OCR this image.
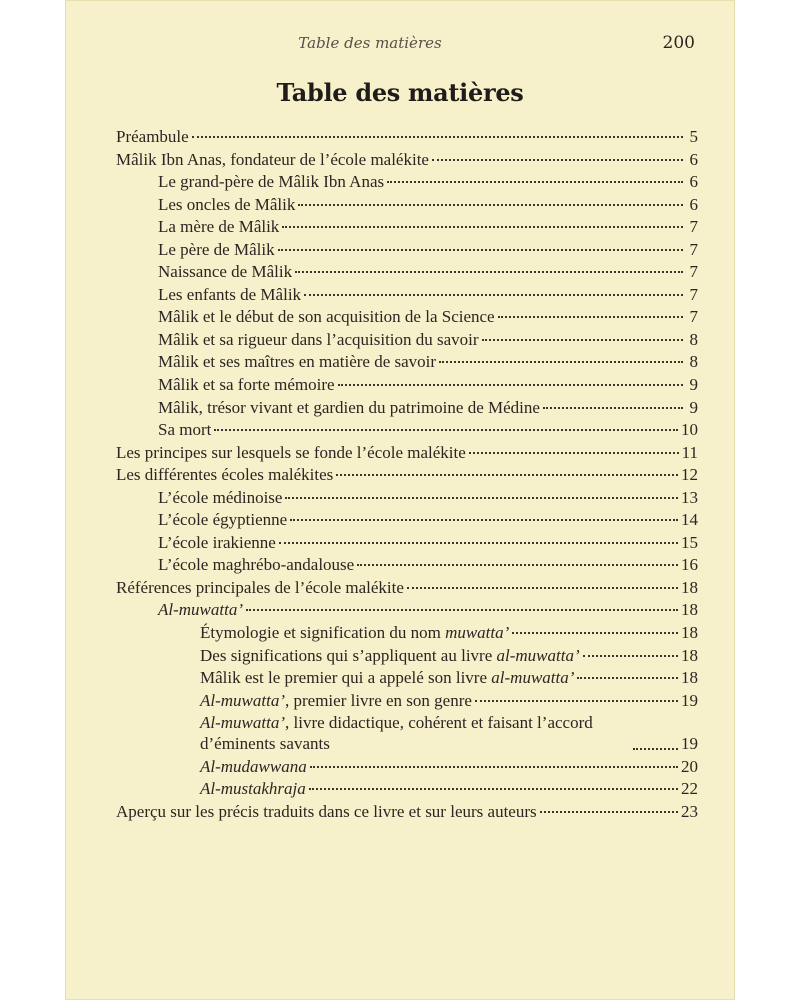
Table des matières	200
Table des matières
Préambule	5
Mâlik Ibn Anas, fondateur de l’école malékite	6
Le grand-père de Mâlik Ibn Anas	6
Les oncles de Mâlik	6
La mère de Mâlik	7
Le père de Mâlik	7
Naissance de Mâlik	7
Les enfants de Mâlik	7
Mâlik et le début de son acquisition de la Science	7
Mâlik et sa rigueur dans l’acquisition du savoir	8
Mâlik et ses maîtres en matière de savoir	8
Mâlik et sa forte mémoire	9
Mâlik, trésor vivant et gardien du patrimoine de Médine	9
Sa mort	10
Les principes sur lesquels se fonde l’école malékite	11
Les différentes écoles malékites	12
L’école médinoise	13
L’école égyptienne	14
L’école irakienne	15
L’école maghrébo-andalouse	16
Références principales de l’école malékite	18
Al-muwatta’	18
Étymologie et signification du nom muwatta’	18
Des significations qui s’appliquent au livre al-muwatta’	18
Mâlik est le premier qui a appelé son livre al-muwatta’	18
Al-muwatta’, premier livre en son genre	19
Al-muwatta’, livre didactique, cohérent et faisant l’accord d’éminents savants	19
Al-mudawwana	20
Al-mustakhraja	22
Aperçu sur les précis traduits dans ce livre et sur leurs auteurs	23
